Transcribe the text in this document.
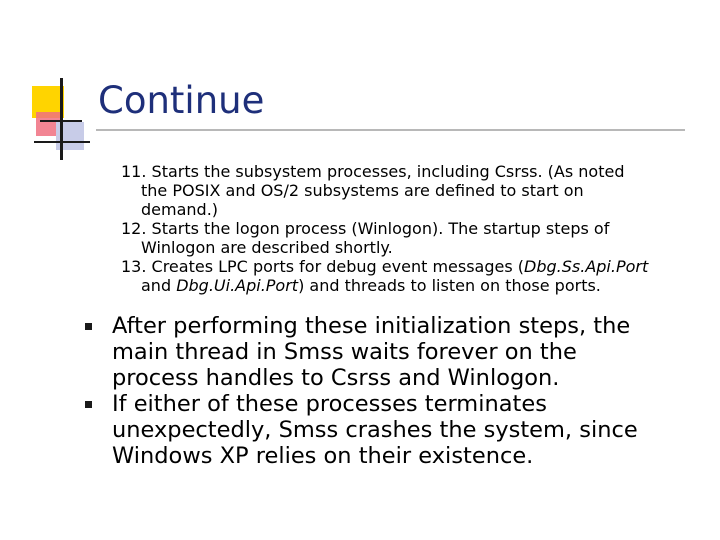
Continue
11. Starts the subsystem processes, including Csrss. (As noted
the POSIX and OS/2 subsystems are defined to start on
demand.)
12. Starts the logon process (Winlogon). The startup steps of
Winlogon are described shortly.
13. Creates LPC ports for debug event messages (Dbg.Ss.Api.Port
and Dbg.Ui.Api.Port) and threads to listen on those ports.
After performing these initialization steps, the
main thread in Smss waits forever on the
process handles to Csrss and Winlogon.
If either of these processes terminates
unexpectedly, Smss crashes the system, since
Windows XP relies on their existence.
